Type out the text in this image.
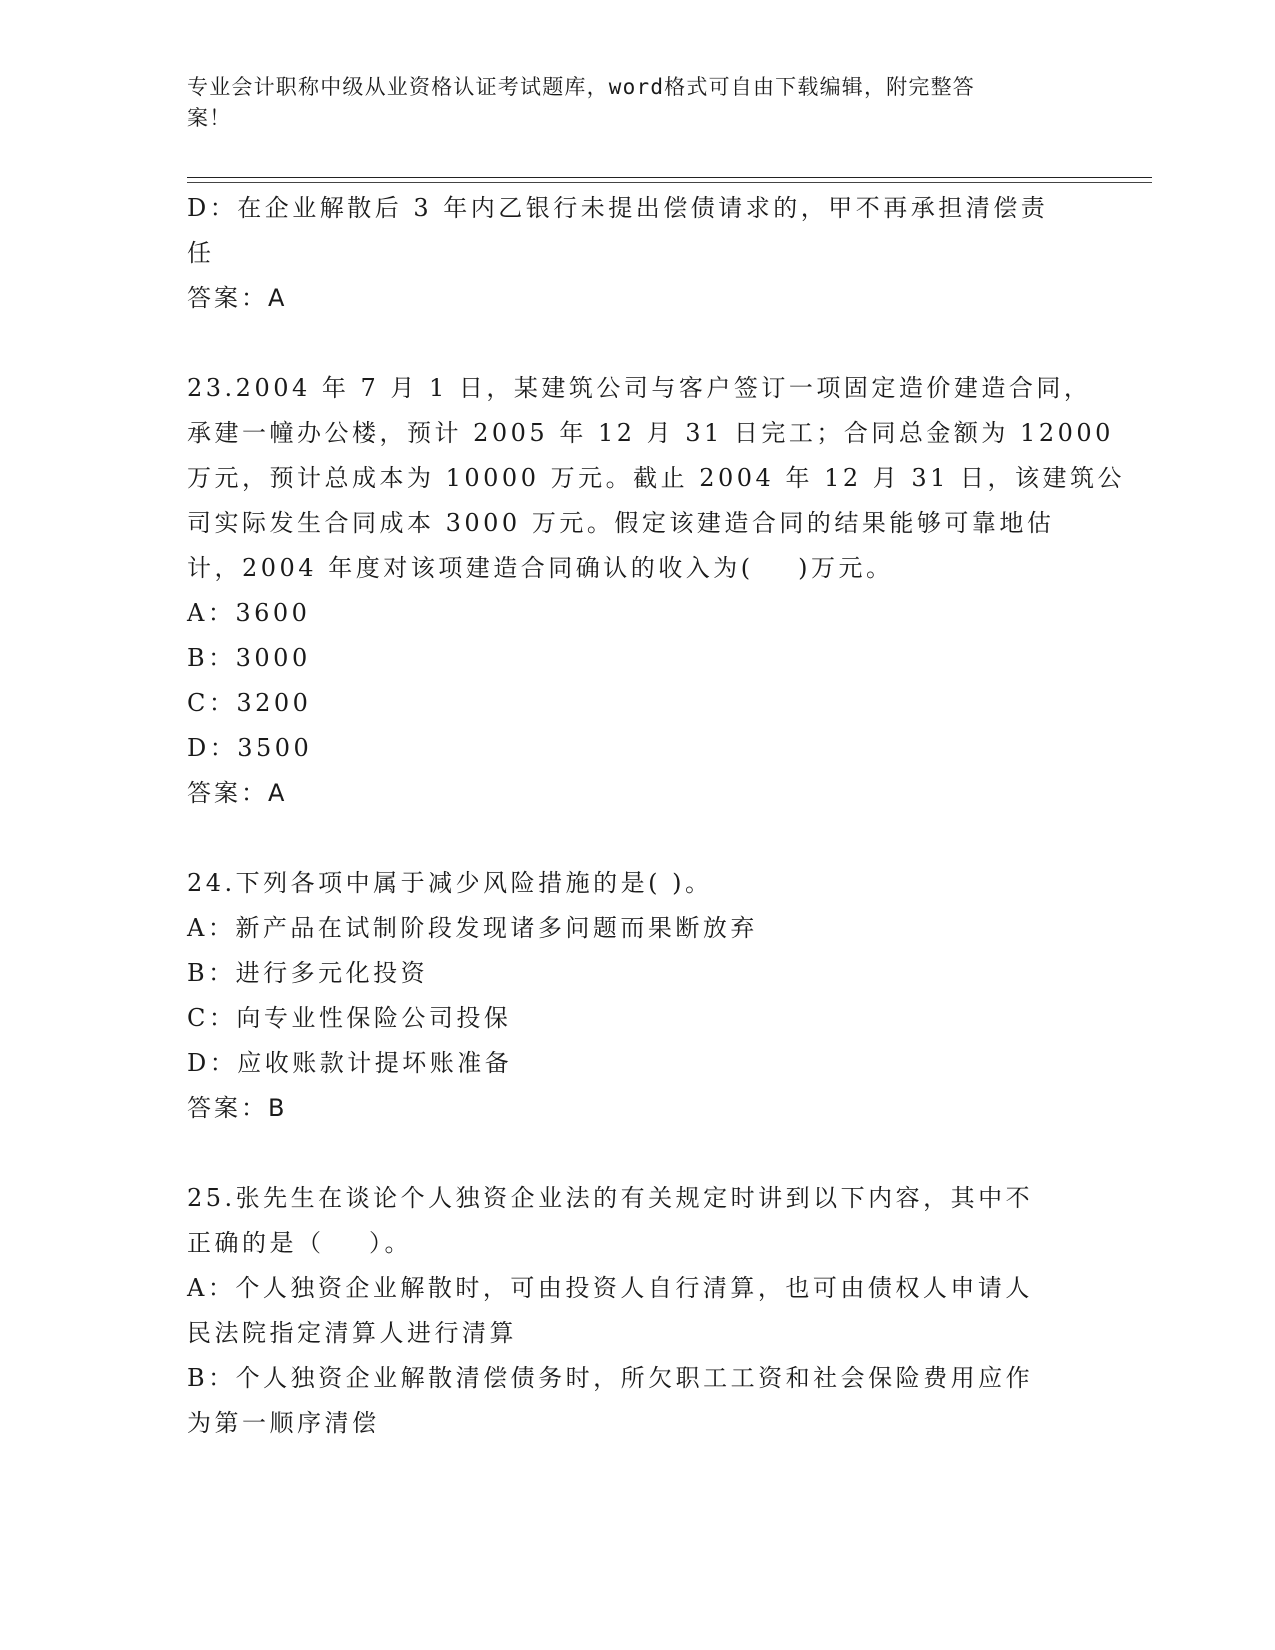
专业会计职称中级从业资格认证考试题库，word格式可自由下载编辑，附完整答
案！
D：在企业解散后 3 年内乙银行未提出偿债请求的，甲不再承担清偿责
任
答案：A
23.2004 年 7 月 1 日，某建筑公司与客户签订一项固定造价建造合同，
承建一幢办公楼，预计 2005 年 12 月 31 日完工；合同总金额为 12000
万元，预计总成本为 10000 万元。截止 2004 年 12 月 31 日，该建筑公
司实际发生合同成本 3000 万元。假定该建造合同的结果能够可靠地估
计，2004 年度对该项建造合同确认的收入为(    )万元。
A：3600
B：3000
C：3200
D：3500
答案：A
24.下列各项中属于减少风险措施的是( )。
A：新产品在试制阶段发现诸多问题而果断放弃
B：进行多元化投资
C：向专业性保险公司投保
D：应收账款计提坏账准备
答案：B
25.张先生在谈论个人独资企业法的有关规定时讲到以下内容，其中不
正确的是（    ）。
A：个人独资企业解散时，可由投资人自行清算，也可由债权人申请人
民法院指定清算人进行清算
B：个人独资企业解散清偿债务时，所欠职工工资和社会保险费用应作
为第一顺序清偿
